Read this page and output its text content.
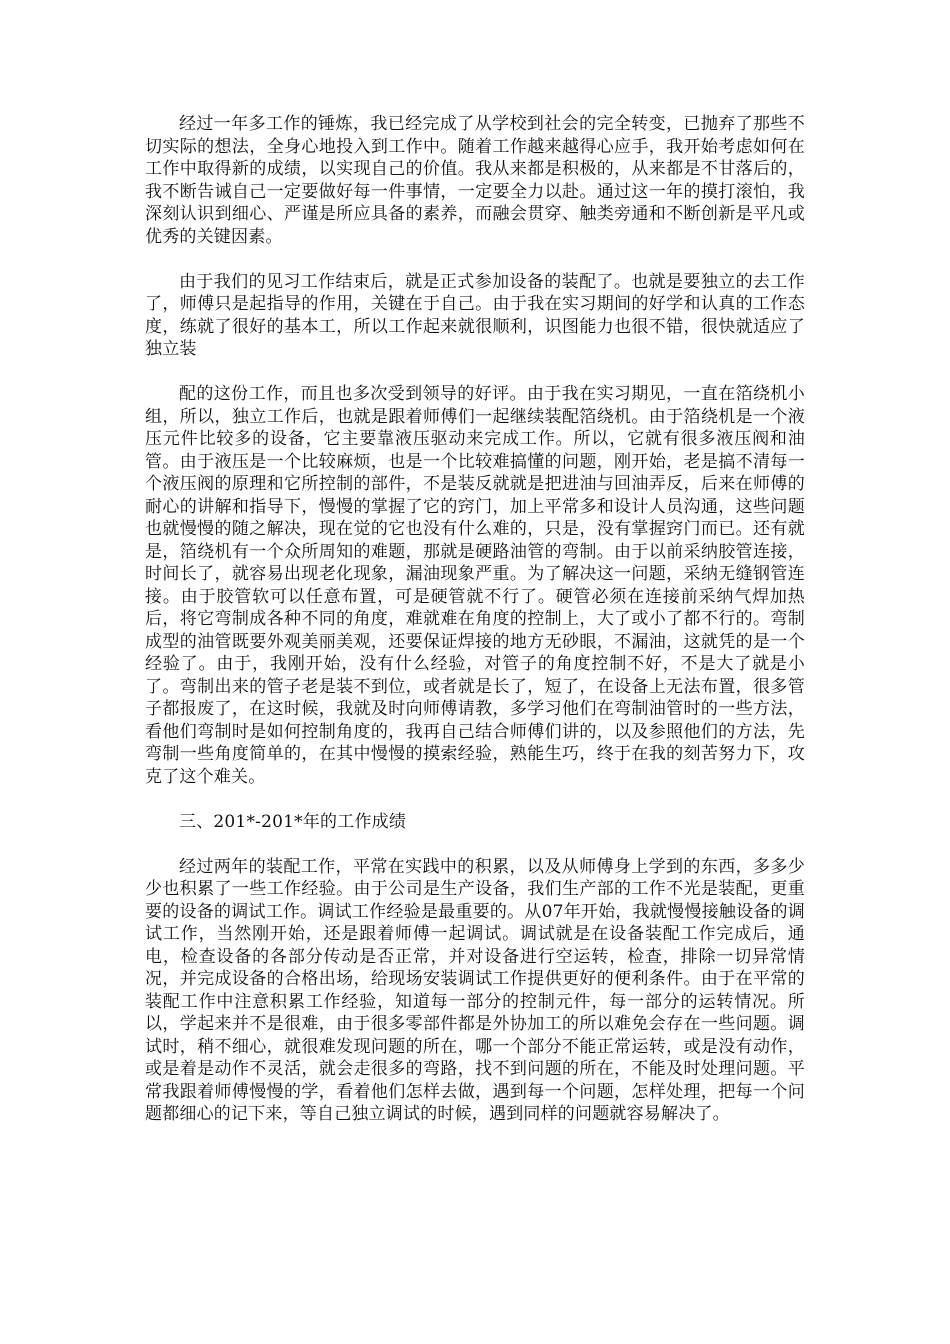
经过一年多工作的锤炼，我已经完成了从学校到社会的完全转变，已抛弃了那些不切实际的想法，全身心地投入到工作中。随着工作越来越得心应手，我开始考虑如何在工作中取得新的成绩，以实现自己的价值。我从来都是积极的，从来都是不甘落后的，我不断告诫自己一定要做好每一件事情，一定要全力以赴。通过这一年的摸打滚怕，我深刻认识到细心、严谨是所应具备的素养，而融会贯穿、触类旁通和不断创新是平凡或优秀的关键因素。

由于我们的见习工作结束后，就是正式参加设备的装配了。也就是要独立的去工作了，师傅只是起指导的作用，关键在于自己。由于我在实习期间的好学和认真的工作态度，练就了很好的基本工，所以工作起来就很顺利，识图能力也很不错，很快就适应了独立装

配的这份工作，而且也多次受到领导的好评。由于我在实习期见，一直在箔绕机小组，所以，独立工作后，也就是跟着师傅们一起继续装配箔绕机。由于箔绕机是一个液压元件比较多的设备，它主要靠液压驱动来完成工作。所以，它就有很多液压阀和油管。由于液压是一个比较麻烦，也是一个比较难搞懂的问题，刚开始，老是搞不清每一个液压阀的原理和它所控制的部件，不是装反就就是把进油与回油弄反，后来在师傅的耐心的讲解和指导下，慢慢的掌握了它的窍门，加上平常多和设计人员沟通，这些问题也就慢慢的随之解决，现在觉的它也没有什么难的，只是，没有掌握窍门而已。还有就是，箔绕机有一个众所周知的难题，那就是硬路油管的弯制。由于以前采纳胶管连接，时间长了，就容易出现老化现象，漏油现象严重。为了解决这一问题，采纳无缝钢管连接。由于胶管软可以任意布置，可是硬管就不行了。硬管必须在连接前采纳气焊加热后，将它弯制成各种不同的角度，难就难在角度的控制上，大了或小了都不行的。弯制成型的油管既要外观美丽美观，还要保证焊接的地方无砂眼，不漏油，这就凭的是一个经验了。由于，我刚开始，没有什么经验，对管子的角度控制不好，不是大了就是小了。弯制出来的管子老是装不到位，或者就是长了，短了，在设备上无法布置，很多管子都报废了，在这时候，我就及时向师傅请教，多学习他们在弯制油管时的一些方法，看他们弯制时是如何控制角度的，我再自己结合师傅们讲的，以及参照他们的方法，先弯制一些角度简单的，在其中慢慢的摸索经验，熟能生巧，终于在我的刻苦努力下，攻克了这个难关。

三、201*-201*年的工作成绩

经过两年的装配工作，平常在实践中的积累，以及从师傅身上学到的东西，多多少少也积累了一些工作经验。由于公司是生产设备，我们生产部的工作不光是装配，更重要的设备的调试工作。调试工作经验是最重要的。从07年开始，我就慢慢接触设备的调试工作，当然刚开始，还是跟着师傅一起调试。调试就是在设备装配工作完成后，通电，检查设备的各部分传动是否正常，并对设备进行空运转，检查，排除一切异常情况，并完成设备的合格出场，给现场安装调试工作提供更好的便利条件。由于在平常的装配工作中注意积累工作经验，知道每一部分的控制元件，每一部分的运转情况。所以，学起来并不是很难，由于很多零部件都是外协加工的所以难免会存在一些问题。调试时，稍不细心，就很难发现问题的所在，哪一个部分不能正常运转，或是没有动作，或是着是动作不灵活，就会走很多的弯路，找不到问题的所在，不能及时处理问题。平常我跟着师傅慢慢的学，看着他们怎样去做，遇到每一个问题，怎样处理，把每一个问题都细心的记下来，等自己独立调试的时候，遇到同样的问题就容易解决了。
